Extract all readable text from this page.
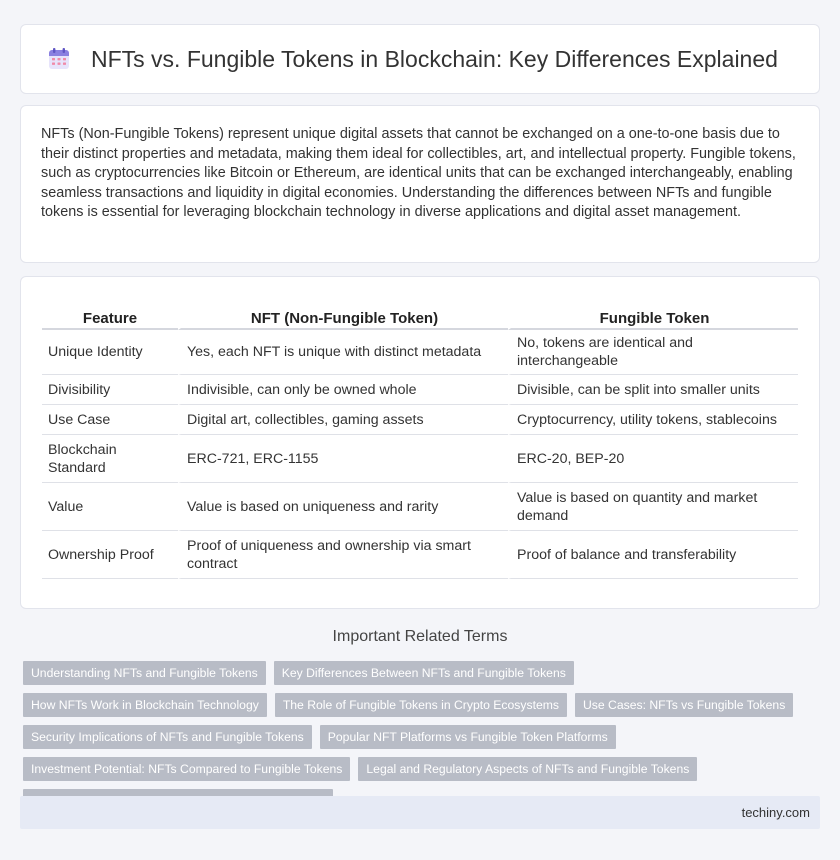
NFTs vs. Fungible Tokens in Blockchain: Key Differences Explained

NFTs (Non-Fungible Tokens) represent unique digital assets that cannot be exchanged on a one-to-one basis due to their distinct properties and metadata, making them ideal for collectibles, art, and intellectual property. Fungible tokens, such as cryptocurrencies like Bitcoin or Ethereum, are identical units that can be exchanged interchangeably, enabling seamless transactions and liquidity in digital economies. Understanding the differences between NFTs and fungible tokens is essential for leveraging blockchain technology in diverse applications and digital asset management.

Feature	NFT (Non-Fungible Token)	Fungible Token
Unique Identity	Yes, each NFT is unique with distinct metadata	No, tokens are identical and interchangeable
Divisibility	Indivisible, can only be owned whole	Divisible, can be split into smaller units
Use Case	Digital art, collectibles, gaming assets	Cryptocurrency, utility tokens, stablecoins
Blockchain Standard	ERC-721, ERC-1155	ERC-20, BEP-20
Value	Value is based on uniqueness and rarity	Value is based on quantity and market demand
Ownership Proof	Proof of uniqueness and ownership via smart contract	Proof of balance and transferability
Important Related Terms
Understanding NFTs and Fungible Tokens	Key Differences Between NFTs and Fungible Tokens
How NFTs Work in Blockchain Technology	The Role of Fungible Tokens in Crypto Ecosystems	Use Cases: NFTs vs Fungible Tokens
Security Implications of NFTs and Fungible Tokens	Popular NFT Platforms vs Fungible Token Platforms
Investment Potential: NFTs Compared to Fungible Tokens	Legal and Regulatory Aspects of NFTs and Fungible Tokens
techiny.com
